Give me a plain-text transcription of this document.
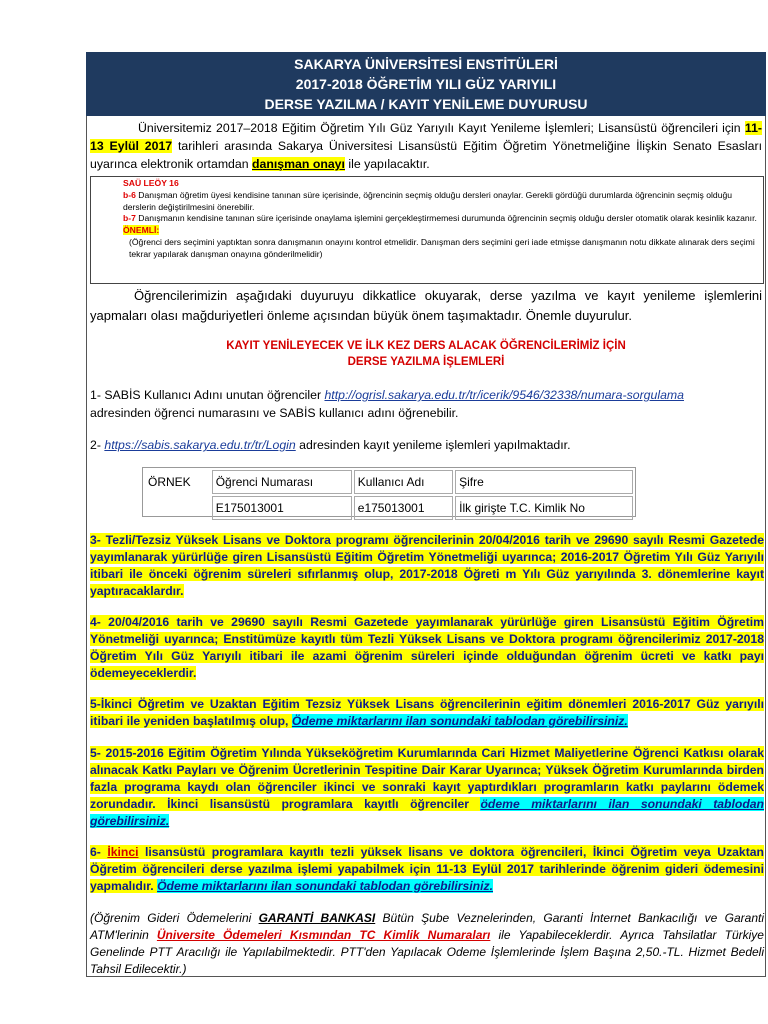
SAKARYA ÜNİVERSİTESİ ENSTİTÜLERİ
2017-2018 ÖĞRETİM YILI GÜZ YARIYILI
DERSE YAZILMA / KAYIT YENİLEME DUYURUSU
Üniversitemiz 2017–2018 Eğitim Öğretim Yılı Güz Yarıyılı Kayıt Yenileme İşlemleri; Lisansüstü öğrencileri için 11-13 Eylül 2017 tarihleri arasında Sakarya Üniversitesi Lisansüstü Eğitim Öğretim Yönetmeliğine İlişkin Senato Esasları uyarınca elektronik ortamdan danışman onayı ile yapılacaktır.
SAÜ LEÖY 16
b-6 Danışman öğretim üyesi kendisine tanınan süre içerisinde, öğrencinin seçmiş olduğu dersleri onaylar. Gerekli gördüğü durumlarda öğrencinin seçmiş olduğu derslerin değiştirilmesini önerebilir.
b-7 Danışmanın kendisine tanınan süre içerisinde onaylama işlemini gerçekleştirmemesi durumunda öğrencinin seçmiş olduğu dersler otomatik olarak kesinlik kazanır.
ÖNEMLİ:
(Öğrenci ders seçimini yaptıktan sonra danışmanın onayını kontrol etmelidir. Danışman ders seçimini geri iade etmişse danışmanın notu dikkate alınarak ders seçimi tekrar yapılarak danışman onayına gönderilmelidir)
Öğrencilerimizin aşağıdaki duyuruyu dikkatlice okuyarak, derse yazılma ve kayıt yenileme işlemlerini yapmaları olası mağduriyetleri önleme açısından büyük önem taşımaktadır. Önemle duyurulur.
KAYIT YENİLEYECEK VE İLK KEZ DERS ALACAK ÖĞRENCİLERİMİZ İÇİN
DERSE YAZILMA İŞLEMLERİ
1- SABİS Kullanıcı Adını unutan öğrenciler http://ogrisl.sakarya.edu.tr/tr/icerik/9546/32338/numara-sorgulama
adresinden öğrenci numarasını ve SABİS kullanıcı adını öğrenebilir.
2- https://sabis.sakarya.edu.tr/tr/Login adresinden kayıt yenileme işlemleri yapılmaktadır.
ÖRNEK	Öğrenci Numarası	Kullanıcı Adı	Şifre
	E175013001	e175013001	İlk girişte T.C. Kimlik No
3- Tezli/Tezsiz Yüksek Lisans ve Doktora programı öğrencilerinin 20/04/2016 tarih ve 29690 sayılı Resmi Gazetede yayımlanarak yürürlüğe giren Lisansüstü Eğitim Öğretim Yönetmeliği uyarınca; 2016-2017 Öğretim Yılı Güz Yarıyılı itibari ile önceki öğrenim süreleri sıfırlanmış olup, 2017-2018 Öğreti m Yılı Güz yarıyılında 3. dönemlerine kayıt yaptıracaklardır.
4- 20/04/2016 tarih ve 29690 sayılı Resmi Gazetede yayımlanarak yürürlüğe giren Lisansüstü Eğitim Öğretim Yönetmeliği uyarınca; Enstitümüze kayıtlı tüm Tezli Yüksek Lisans ve Doktora programı öğrencilerimiz 2017-2018 Öğretim Yılı Güz Yarıyılı itibari ile azami öğrenim süreleri içinde olduğundan öğrenim ücreti ve katkı payı ödemeyeceklerdir.
5-İkinci Öğretim ve Uzaktan Eğitim Tezsiz Yüksek Lisans öğrencilerinin eğitim dönemleri 2016-2017 Güz yarıyılı itibari ile yeniden başlatılmış olup, Ödeme miktarlarını ilan sonundaki tablodan görebilirsiniz.
5- 2015-2016 Eğitim Öğretim Yılında Yükseköğretim Kurumlarında Cari Hizmet Maliyetlerine Öğrenci Katkısı olarak alınacak Katkı Payları ve Öğrenim Ücretlerinin Tespitine Dair Karar Uyarınca; Yüksek Öğretim Kurumlarında birden fazla programa kaydı olan öğrenciler ikinci ve sonraki kayıt yaptırdıkları programların katkı paylarını ödemek zorundadır. İkinci lisansüstü programlara kayıtlı öğrenciler ödeme miktarlarını ilan sonundaki tablodan görebilirsiniz.
6- İkinci lisansüstü programlara kayıtlı tezli yüksek lisans ve doktora öğrencileri, İkinci Öğretim veya Uzaktan Öğretim öğrencileri derse yazılma işlemi yapabilmek için 11-13 Eylül 2017 tarihlerinde öğrenim gideri ödemesini yapmalıdır. Ödeme miktarlarını ilan sonundaki tablodan görebilirsiniz.
(Öğrenim Gideri Ödemelerini GARANTİ BANKASI Bütün Şube Veznelerinden, Garanti İnternet Bankacılığı ve Garanti ATM'lerinin Üniversite Ödemeleri Kısmından TC Kimlik Numaraları ile Yapabileceklerdir. Ayrıca Tahsilatlar Türkiye Genelinde PTT Aracılığı ile Yapılabilmektedir. PTT'den Yapılacak Odeme İşlemlerinde İşlem Başına 2,50.-TL. Hizmet Bedeli Tahsil Edilecektir.)
